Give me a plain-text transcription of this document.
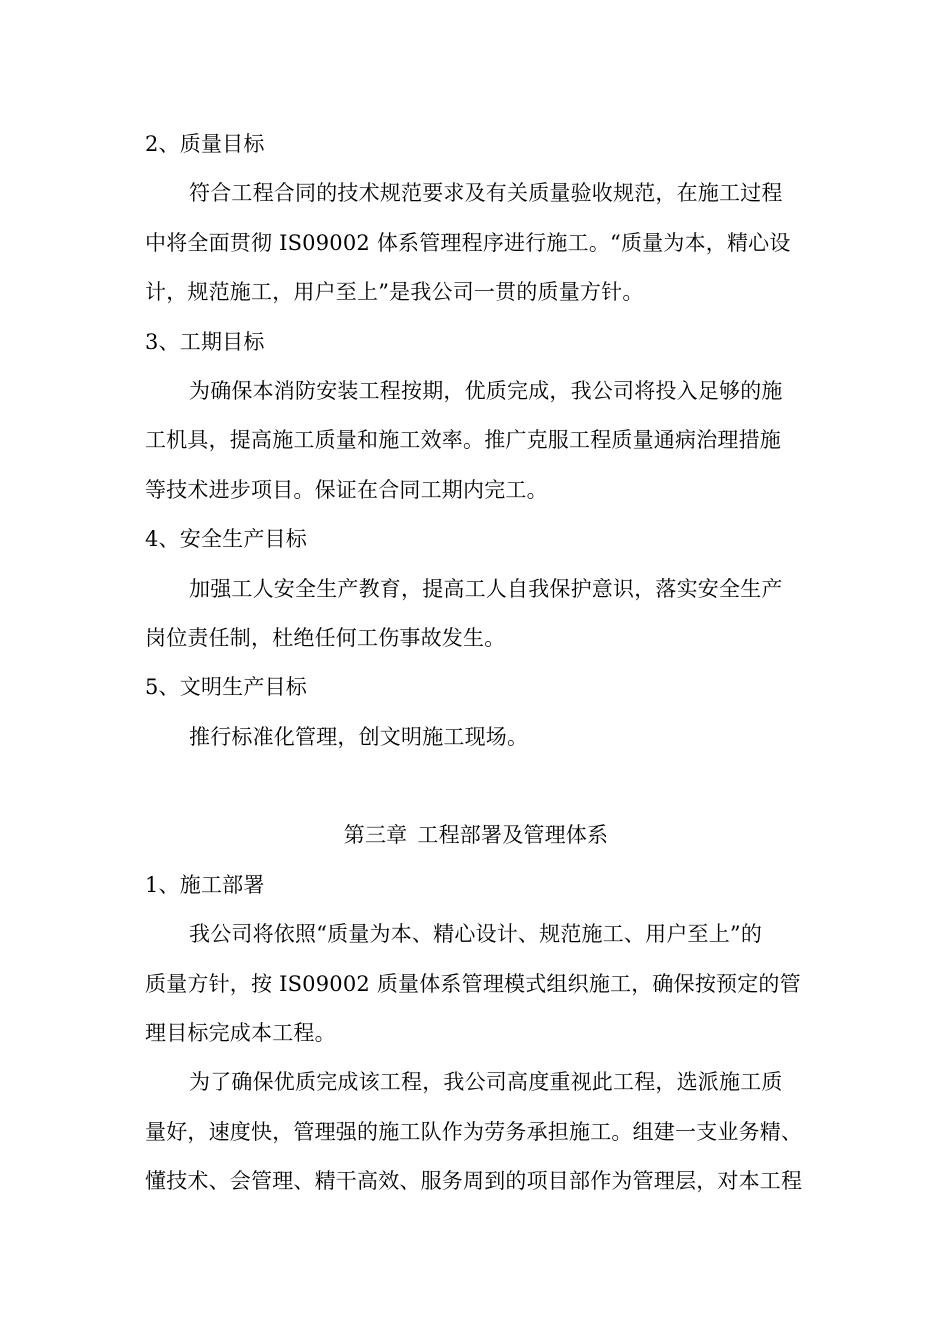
2、质量目标
符合工程合同的技术规范要求及有关质量验收规范，在施工过程
中将全面贯彻 IS09002 体系管理程序进行施工。“质量为本，精心设
计，规范施工，用户至上”是我公司一贯的质量方针。
3、工期目标
为确保本消防安装工程按期，优质完成，我公司将投入足够的施
工机具，提高施工质量和施工效率。推广克服工程质量通病治理措施
等技术进步项目。保证在合同工期内完工。
4、安全生产目标
加强工人安全生产教育，提高工人自我保护意识，落实安全生产
岗位责任制，杜绝任何工伤事故发生。
5、文明生产目标
推行标准化管理，创文明施工现场。
第三章 工程部署及管理体系
1、施工部署
我公司将依照“质量为本、精心设计、规范施工、用户至上”的
质量方针，按 IS09002 质量体系管理模式组织施工，确保按预定的管
理目标完成本工程。
为了确保优质完成该工程，我公司高度重视此工程，选派施工质
量好，速度快，管理强的施工队作为劳务承担施工。组建一支业务精、
懂技术、会管理、精干高效、服务周到的项目部作为管理层，对本工程
